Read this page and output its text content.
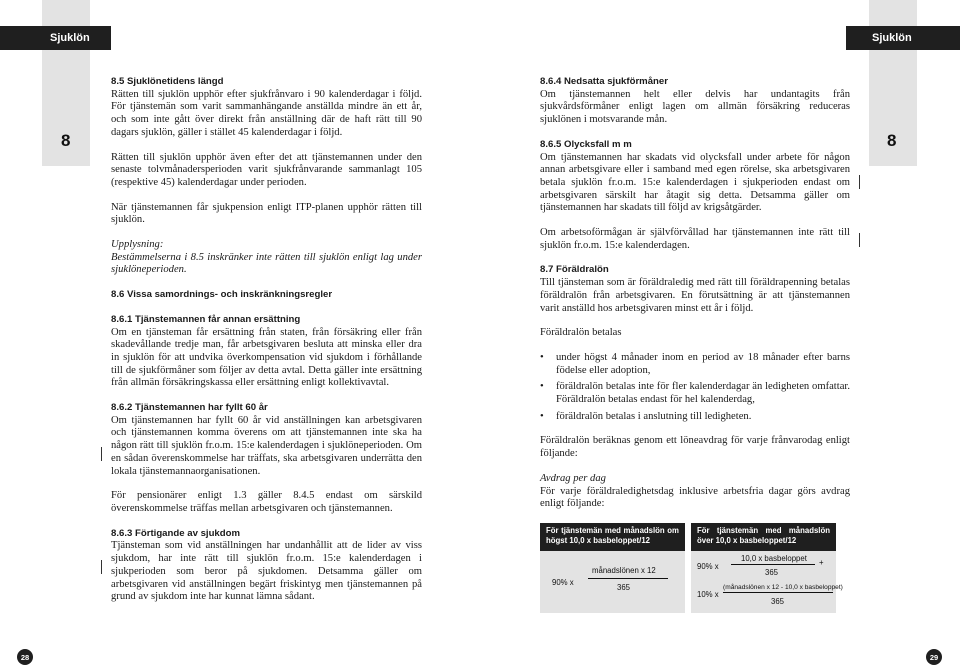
Sjuklön	Sjuklön
8	8

8.5 Sjuklönetidens längd
Rätten till sjuklön upphör efter sjukfrånvaro i 90 kalenderdagar i följd. För tjänstemän som varit sammanhängande anställda mindre än ett år, och som inte gått över direkt från anställning där de haft rätt till 90 dagars sjuklön, gäller i stället 45 kalenderdagar i följd.

Rätten till sjuklön upphör även efter det att tjänstemannen under den senaste tolvmånadersperioden varit sjukfrånvarande sammanlagt 105 (respektive 45) kalenderdagar under perioden.

När tjänstemannen får sjukpension enligt ITP-planen upphör rätten till sjuklön.

Upplysning:
Bestämmelserna i 8.5 inskränker inte rätten till sjuklön enligt lag under sjuklöneperioden.

8.6 Vissa samordnings- och inskränkningsregler

8.6.1 Tjänstemannen får annan ersättning
Om en tjänsteman får ersättning från staten, från försäkring eller från skadevållande tredje man, får arbetsgivaren besluta att minska eller dra in sjuklön för att undvika överkompensation vid sjukdom i förhållande till de sjukförmåner som följer av detta avtal. Detta gäller inte ersättning från allmän försäkringskassa eller ersättning enligt kollektivavtal.

8.6.2 Tjänstemannen har fyllt 60 år
Om tjänstemannen har fyllt 60 år vid anställningen kan arbetsgivaren och tjänstemannen komma överens om att tjänstemannen inte ska ha någon rätt till sjuklön fr.o.m. 15:e kalenderdagen i sjuklöneperioden. Om en sådan överenskommelse har träffats, ska arbetsgivaren underrätta den lokala tjänstemannaorganisationen.

För pensionärer enligt 1.3 gäller 8.4.5 endast om särskild överenskommelse träffas mellan arbetsgivaren och tjänstemannen.

8.6.3 Förtigande av sjukdom
Tjänsteman som vid anställningen har undanhållit att de lider av viss sjukdom, har inte rätt till sjuklön fr.o.m. 15:e kalenderdagen i sjukperioden som beror på sjukdomen. Detsamma gäller om arbetsgivaren vid anställningen begärt friskintyg men tjänstemannen på grund av sjukdom inte har kunnat lämna sådant.

8.6.4 Nedsatta sjukförmåner
Om tjänstemannen helt eller delvis har undantagits från sjukvårdsförmåner enligt lagen om allmän försäkring reduceras sjuklönen i motsvarande mån.

8.6.5 Olycksfall m m
Om tjänstemannen har skadats vid olycksfall under arbete för någon annan arbetsgivare eller i samband med egen rörelse, ska arbetsgivaren betala sjuklön fr.o.m. 15:e kalenderdagen i sjukperioden endast om arbetsgivaren särskilt har åtagit sig detta. Detsamma gäller om tjänstemannen har skadats till följd av krigsåtgärder.

Om arbetsoförmågan är självförvållad har tjänstemannen inte rätt till sjuklön fr.o.m. 15:e kalenderdagen.

8.7 Föräldralön
Till tjänsteman som är föräldraledig med rätt till föräldrapenning betalas föräldralön från arbetsgivaren. En förutsättning är att tjänstemannen varit anställd hos arbetsgivaren minst ett år i följd.

Föräldralön betalas

• under högst 4 månader inom en period av 18 månader efter barns födelse eller adoption,
• föräldralön betalas inte för fler kalenderdagar än ledigheten omfattar. Föräldralön betalas endast för hel kalenderdag,
• föräldralön betalas i anslutning till ledigheten.

Föräldralön beräknas genom ett löneavdrag för varje frånvarodag enligt följande:

Avdrag per dag
För varje föräldraledighetsdag inklusive arbetsfria dagar görs avdrag enligt följande:

För tjänstemän med månadslön om högst 10,0 x basbeloppet/12
90% x
månadslönen x 12
365
För tjänstemän med månadslön över 10,0 x basbeloppet/12
90% x
10,0 x basbeloppet
365
+
10% x
(månadslönen x 12 - 10,0 x basbeloppet)
365
28	29
